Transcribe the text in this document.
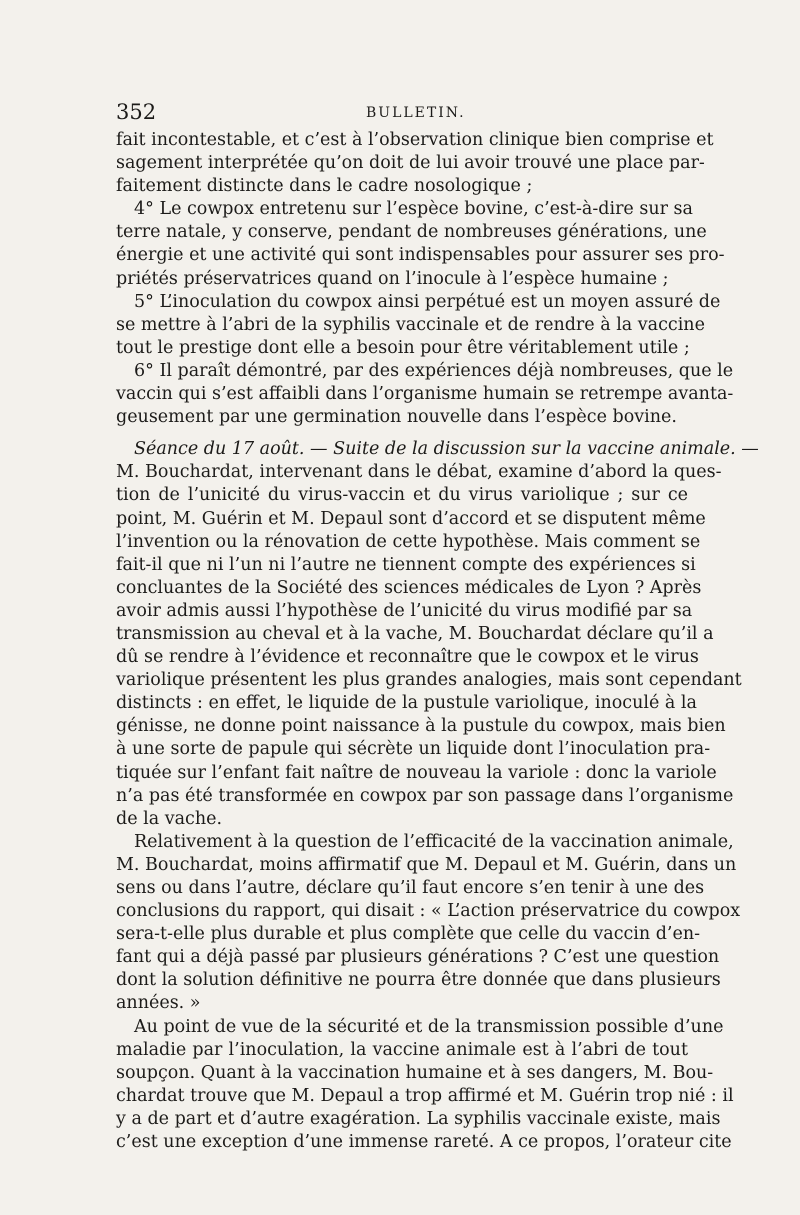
352	BULLETIN.
fait incontestable, et c’est à l’observation clinique bien comprise et
sagement interprétée qu’on doit de lui avoir trouvé une place par-
faitement distincte dans le cadre nosologique ;
4° Le cowpox entretenu sur l’espèce bovine, c’est-à-dire sur sa
terre natale, y conserve, pendant de nombreuses générations, une
énergie et une activité qui sont indispensables pour assurer ses pro-
priétés préservatrices quand on l’inocule à l’espèce humaine ;
5° L’inoculation du cowpox ainsi perpétué est un moyen assuré de
se mettre à l’abri de la syphilis vaccinale et de rendre à la vaccine
tout le prestige dont elle a besoin pour être véritablement utile ;
6° Il paraît démontré, par des expériences déjà nombreuses, que le
vaccin qui s’est affaibli dans l’organisme humain se retrempe avanta-
geusement par une germination nouvelle dans l’espèce bovine.
Séance du 17 août. — Suite de la discussion sur la vaccine animale. —
M. Bouchardat, intervenant dans le débat, examine d’abord la ques-
tion de l’unicité du virus-vaccin et du virus variolique ; sur ce
point, M. Guérin et M. Depaul sont d’accord et se disputent même
l’invention ou la rénovation de cette hypothèse. Mais comment se
fait-il que ni l’un ni l’autre ne tiennent compte des expériences si
concluantes de la Société des sciences médicales de Lyon ? Après
avoir admis aussi l’hypothèse de l’unicité du virus modifié par sa
transmission au cheval et à la vache, M. Bouchardat déclare qu’il a
dû se rendre à l’évidence et reconnaître que le cowpox et le virus
variolique présentent les plus grandes analogies, mais sont cependant
distincts : en effet, le liquide de la pustule variolique, inoculé à la
génisse, ne donne point naissance à la pustule du cowpox, mais bien
à une sorte de papule qui sécrète un liquide dont l’inoculation pra-
tiquée sur l’enfant fait naître de nouveau la variole : donc la variole
n’a pas été transformée en cowpox par son passage dans l’organisme
de la vache.
Relativement à la question de l’efficacité de la vaccination animale,
M. Bouchardat, moins affirmatif que M. Depaul et M. Guérin, dans un
sens ou dans l’autre, déclare qu’il faut encore s’en tenir à une des
conclusions du rapport, qui disait : « L’action préservatrice du cowpox
sera-t-elle plus durable et plus complète que celle du vaccin d’en-
fant qui a déjà passé par plusieurs générations ? C’est une question
dont la solution définitive ne pourra être donnée que dans plusieurs
années. »
Au point de vue de la sécurité et de la transmission possible d’une
maladie par l’inoculation, la vaccine animale est à l’abri de tout
soupçon. Quant à la vaccination humaine et à ses dangers, M. Bou-
chardat trouve que M. Depaul a trop affirmé et M. Guérin trop nié : il
y a de part et d’autre exagération. La syphilis vaccinale existe, mais
c’est une exception d’une immense rareté. A ce propos, l’orateur cite
